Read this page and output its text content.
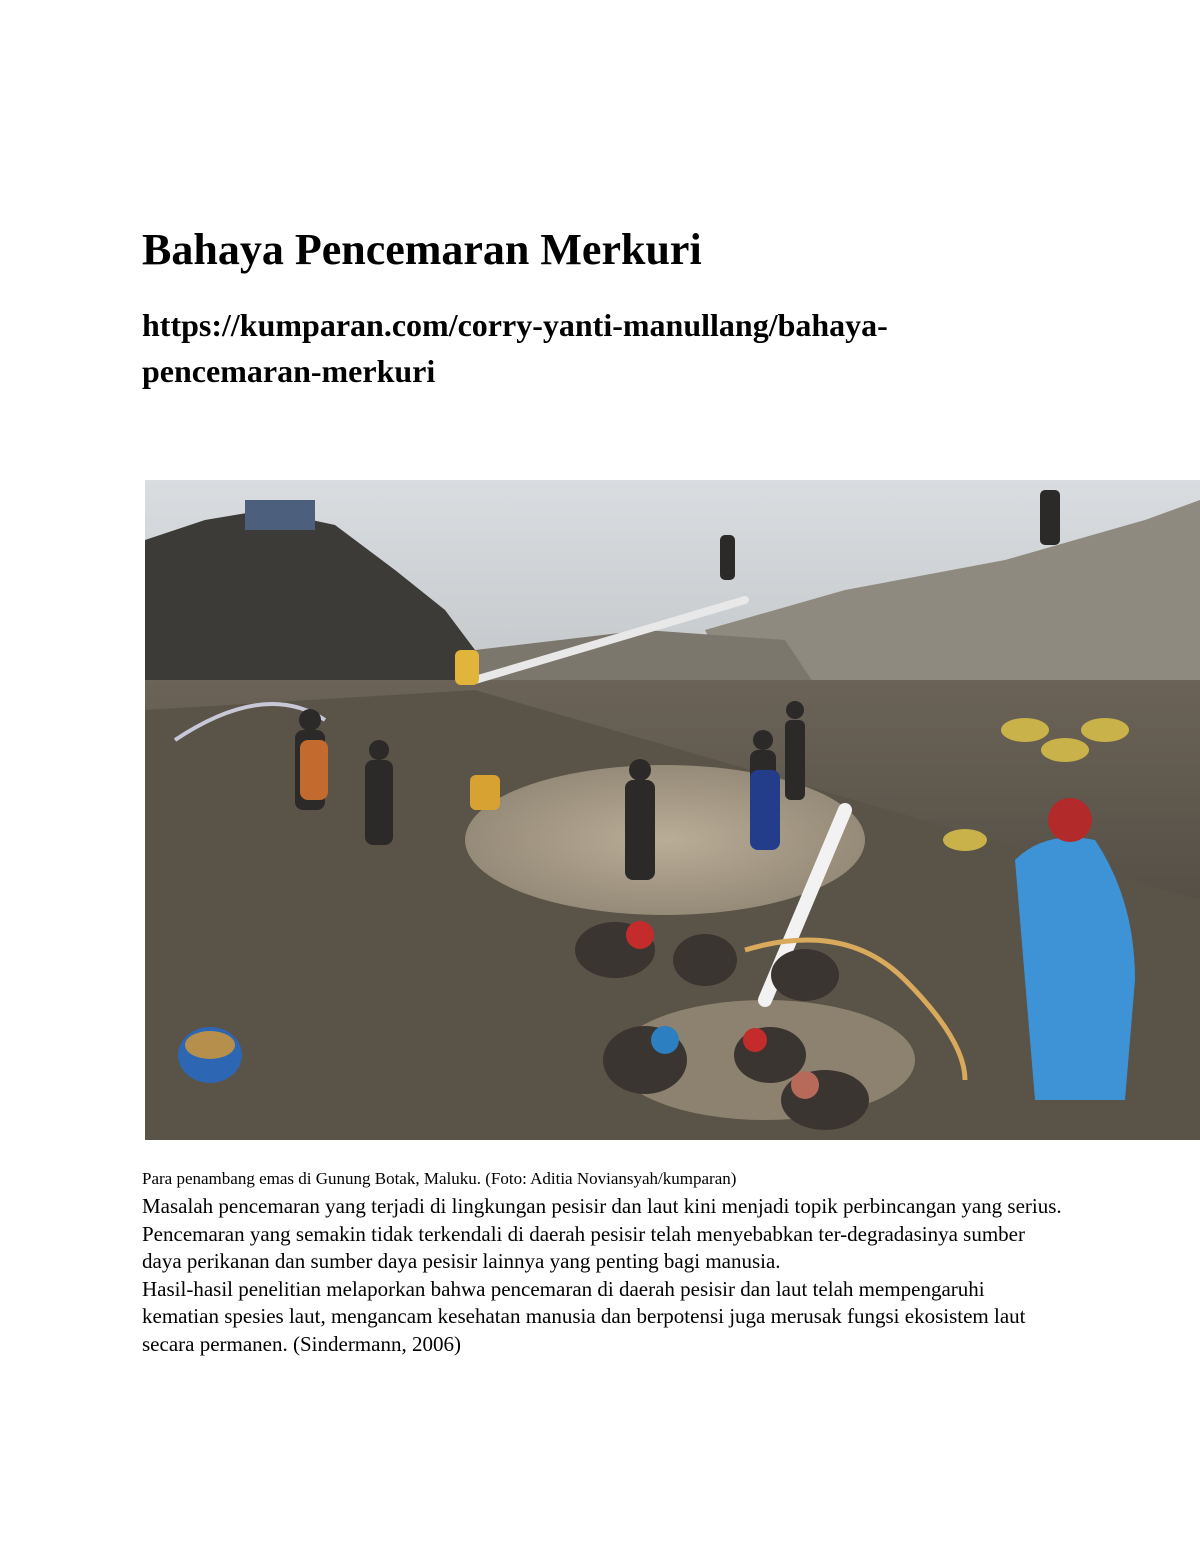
Bahaya Pencemaran Merkuri
https://kumparan.com/corry-yanti-manullang/bahaya-
pencemaran-merkuri
Para penambang emas di Gunung Botak, Maluku. (Foto: Aditia Noviansyah/kumparan)

Masalah pencemaran yang terjadi di lingkungan pesisir dan laut kini menjadi topik perbincangan yang serius. Pencemaran yang semakin tidak terkendali di daerah pesisir telah menyebabkan ter-degradasinya sumber daya perikanan dan sumber daya pesisir lainnya yang penting bagi manusia.

Hasil-hasil penelitian melaporkan bahwa pencemaran di daerah pesisir dan laut telah mempengaruhi kematian spesies laut, mengancam kesehatan manusia dan berpotensi juga merusak fungsi ekosistem laut secara permanen. (Sindermann, 2006)
